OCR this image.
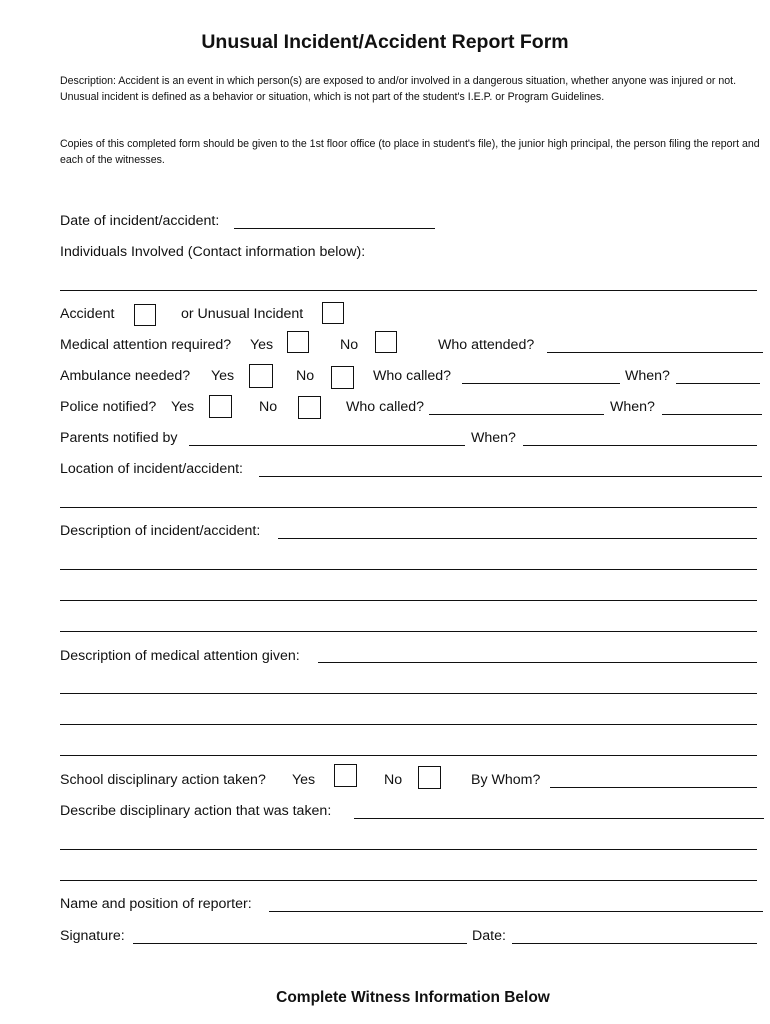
Unusual Incident/Accident Report Form
Description: Accident is an event in which person(s) are exposed to and/or involved in a dangerous situation, whether anyone was injured or not. Unusual incident is defined as a behavior or situation, which is not part of the student's I.E.P. or Program Guidelines.
Copies of this completed form should be given to the 1st floor office (to place in student's file), the junior high principal, the person filing the report and each of the witnesses.
Date of incident/accident:
Individuals Involved (Contact information below):
Accident	or Unusual Incident
Medical attention required? Yes	No	Who attended?
Ambulance needed? Yes	No	Who called?	When?
Police notified? Yes	No	Who called?	When?
Parents notified by	When?
Location of incident/accident:
Description of incident/accident:
Description of medical attention given:
School disciplinary action taken? Yes	No	By Whom?
Describe disciplinary action that was taken:
Name and position of reporter:
Signature:	Date:
Complete Witness Information Below
